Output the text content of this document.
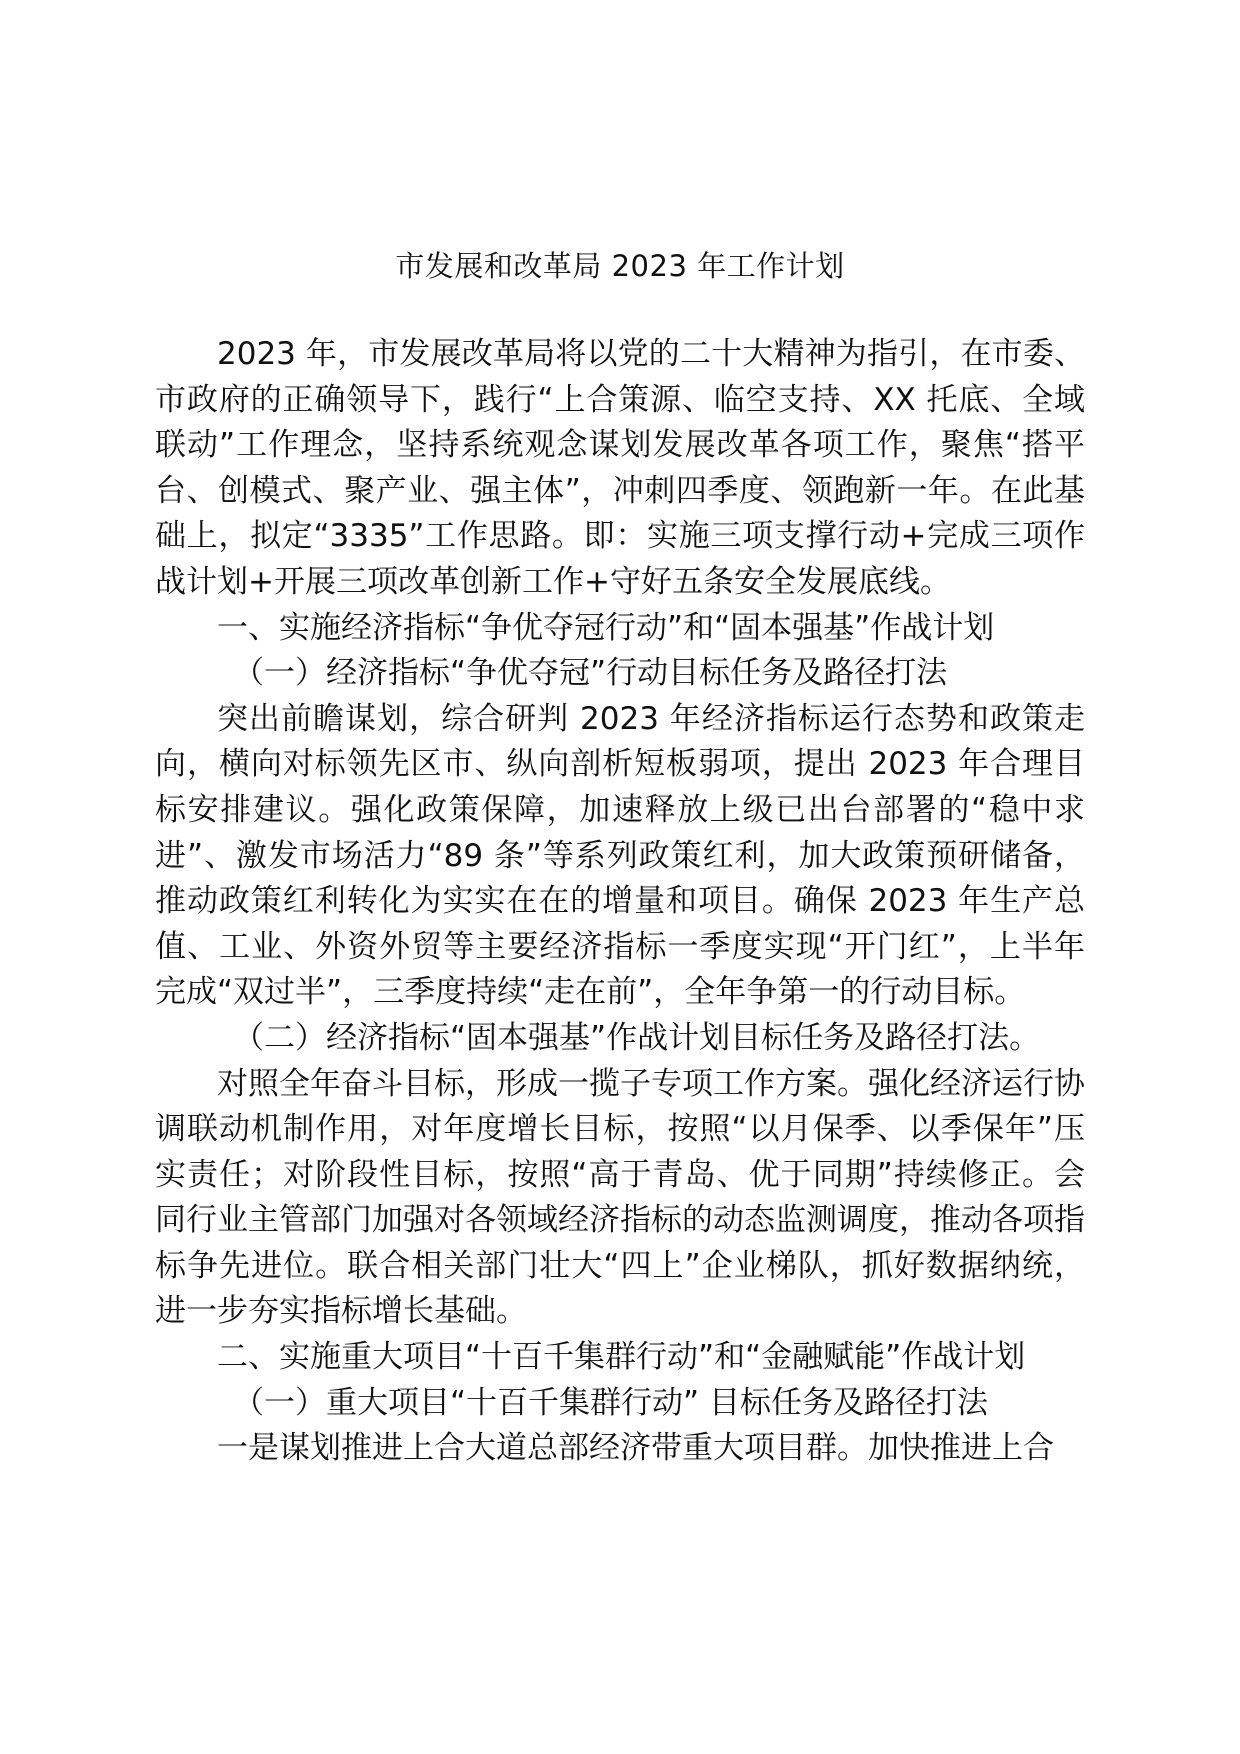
市发展和改革局 2023 年工作计划

2023 年，市发展改革局将以党的二十大精神为指引，在市委、市政府的正确领导下，践行“上合策源、临空支持、XX 托底、全域联动”工作理念，坚持系统观念谋划发展改革各项工作，聚焦“搭平台、创模式、聚产业、强主体”，冲刺四季度、领跑新一年。在此基础上，拟定“3335”工作思路。即：实施三项支撑行动+完成三项作战计划+开展三项改革创新工作+守好五条安全发展底线。

一、实施经济指标“争优夺冠行动”和“固本强基”作战计划

（一）经济指标“争优夺冠”行动目标任务及路径打法

突出前瞻谋划，综合研判 2023 年经济指标运行态势和政策走向，横向对标领先区市、纵向剖析短板弱项，提出 2023 年合理目标安排建议。强化政策保障，加速释放上级已出台部署的“稳中求进”、激发市场活力“89 条”等系列政策红利，加大政策预研储备，推动政策红利转化为实实在在的增量和项目。确保 2023 年生产总值、工业、外资外贸等主要经济指标一季度实现“开门红”，上半年完成“双过半”，三季度持续“走在前”，全年争第一的行动目标。

（二）经济指标“固本强基”作战计划目标任务及路径打法。

对照全年奋斗目标，形成一揽子专项工作方案。强化经济运行协调联动机制作用，对年度增长目标，按照“以月保季、以季保年”压实责任；对阶段性目标，按照“高于青岛、优于同期”持续修正。会同行业主管部门加强对各领域经济指标的动态监测调度，推动各项指标争先进位。联合相关部门壮大“四上”企业梯队，抓好数据纳统，进一步夯实指标增长基础。

二、实施重大项目“十百千集群行动”和“金融赋能”作战计划

（一）重大项目“十百千集群行动” 目标任务及路径打法

一是谋划推进上合大道总部经济带重大项目群。加快推进上合
